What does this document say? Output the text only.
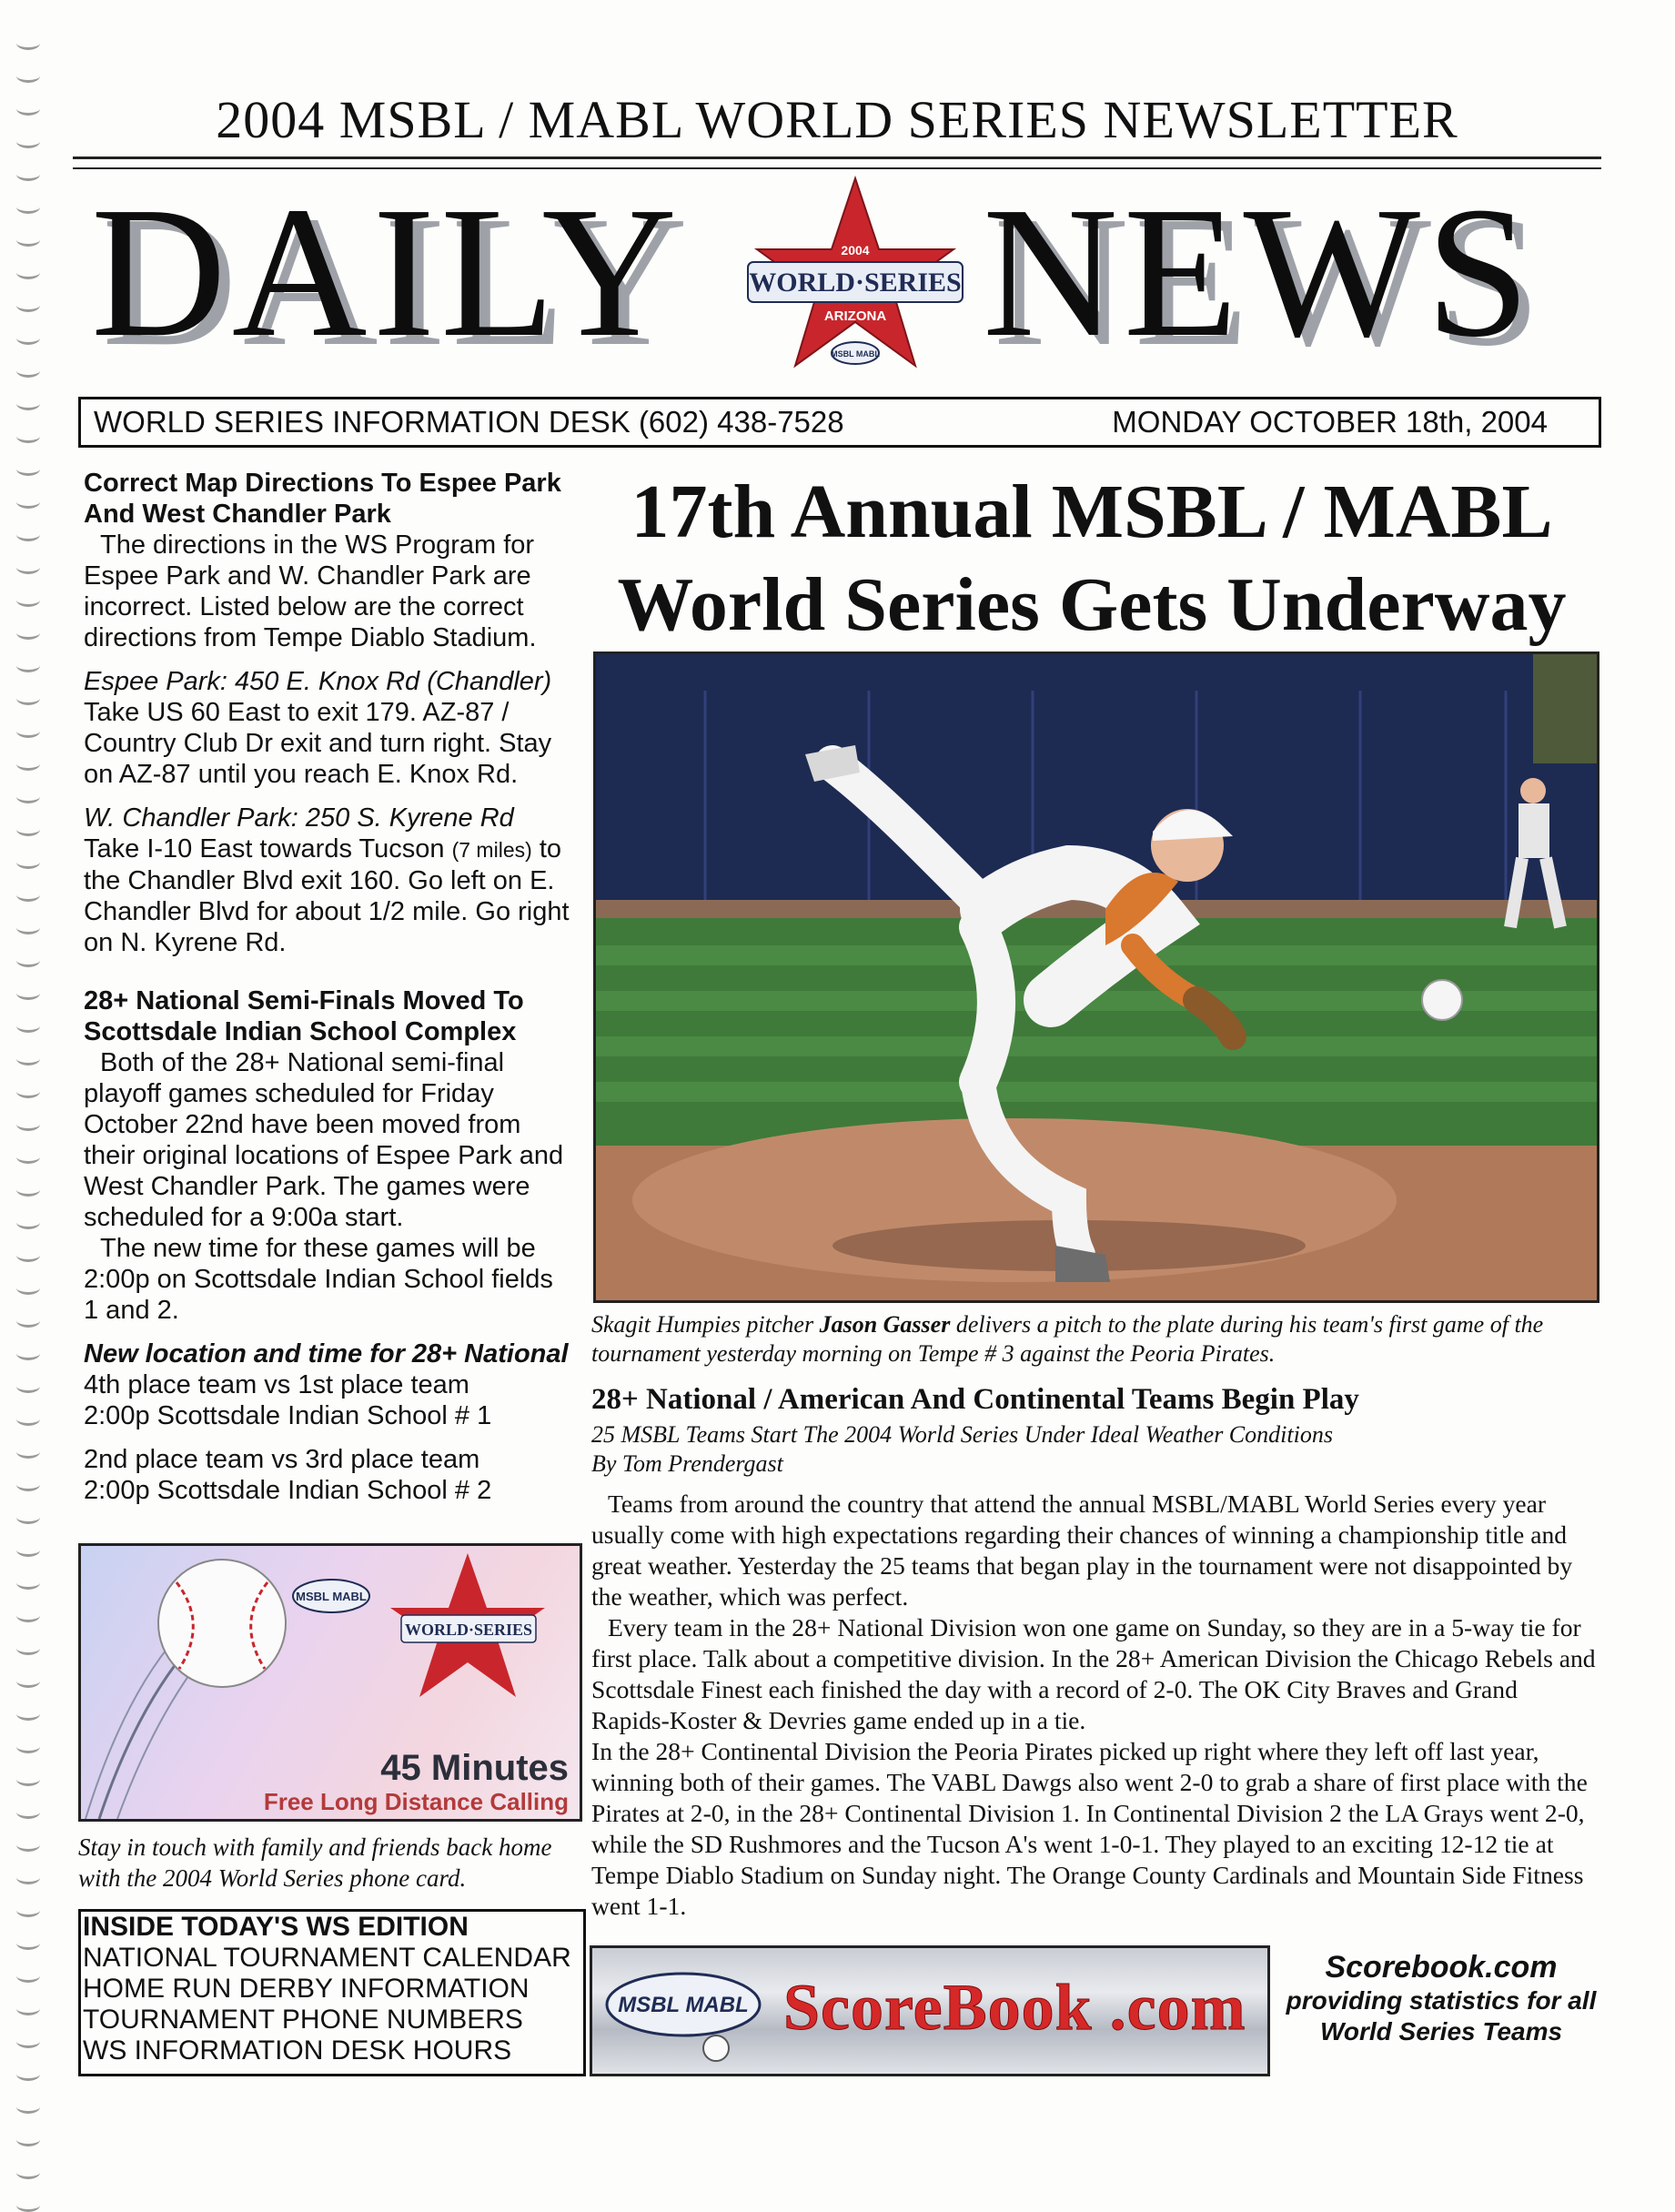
2004 MSBL / MABL WORLD SERIES NEWSLETTER
DAILY NEWS
2004
WORLD·SERIES
ARIZONA
MSBL MABL
WORLD SERIES INFORMATION DESK (602) 438-7528	MONDAY OCTOBER 18th, 2004

Correct Map Directions To Espee Park And West Chandler Park

The directions in the WS Program for Espee Park and W. Chandler Park are incorrect. Listed below are the correct directions from Tempe Diablo Stadium.

Espee Park: 450 E. Knox Rd (Chandler)

Take US 60 East to exit 179. AZ-87 / Country Club Dr exit and turn right. Stay on AZ-87 until you reach E. Knox Rd.

W. Chandler Park: 250 S. Kyrene Rd

Take I-10 East towards Tucson (7 miles) to the Chandler Blvd exit 160. Go left on E. Chandler Blvd for about 1/2 mile. Go right on N. Kyrene Rd.

28+ National Semi-Finals Moved To Scottsdale Indian School Complex

Both of the 28+ National semi-final playoff games scheduled for Friday October 22nd have been moved from their original locations of Espee Park and West Chandler Park. The games were scheduled for a 9:00a start.

The new time for these games will be 2:00p on Scottsdale Indian School fields 1 and 2.

New location and time for 28+ National

4th place team vs 1st place team

2:00p Scottsdale Indian School # 1

2nd place team vs 3rd place team

2:00p Scottsdale Indian School # 2

MSBL MABL
WORLD·SERIES
45 Minutes
Free Long Distance Calling
Stay in touch with family and friends back home with the 2004 World Series phone card.
INSIDE TODAY'S WS EDITION
NATIONAL TOURNAMENT CALENDAR
HOME RUN DERBY INFORMATION
TOURNAMENT PHONE NUMBERS
WS INFORMATION DESK HOURS
17th Annual MSBL / MABL
World Series Gets Underway
Skagit Humpies pitcher Jason Gasser delivers a pitch to the plate during his team's first game of the tournament yesterday morning on Tempe # 3 against the Peoria Pirates.
28+ National / American And Continental Teams Begin Play
25 MSBL Teams Start The 2004 World Series Under Ideal Weather Conditions
By Tom Prendergast

Teams from around the country that attend the annual MSBL/MABL World Series every year usually come with high expectations regarding their chances of winning a championship title and great weather. Yesterday the 25 teams that began play in the tournament were not disappointed by the weather, which was perfect.

Every team in the 28+ National Division won one game on Sunday, so they are in a 5-way tie for first place. Talk about a competitive division. In the 28+ American Division the Chicago Rebels and Scottsdale Finest each finished the day with a record of 2-0. The OK City Braves and Grand Rapids-Koster & Devries game ended up in a tie.

In the 28+ Continental Division the Peoria Pirates picked up right where they left off last year, winning both of their games. The VABL Dawgs also went 2-0 to grab a share of first place with the Pirates at 2-0, in the 28+ Continental Division 1. In Continental Division 2 the LA Grays went 2-0, while the SD Rushmores and the Tucson A's went 1-0-1. They played to an exciting 12-12 tie at Tempe Diablo Stadium on Sunday night. The Orange County Cardinals and Mountain Side Fitness went 1-1.

MSBL MABL ScoreBook .com
Scorebook.com
providing statistics for all World Series Teams
